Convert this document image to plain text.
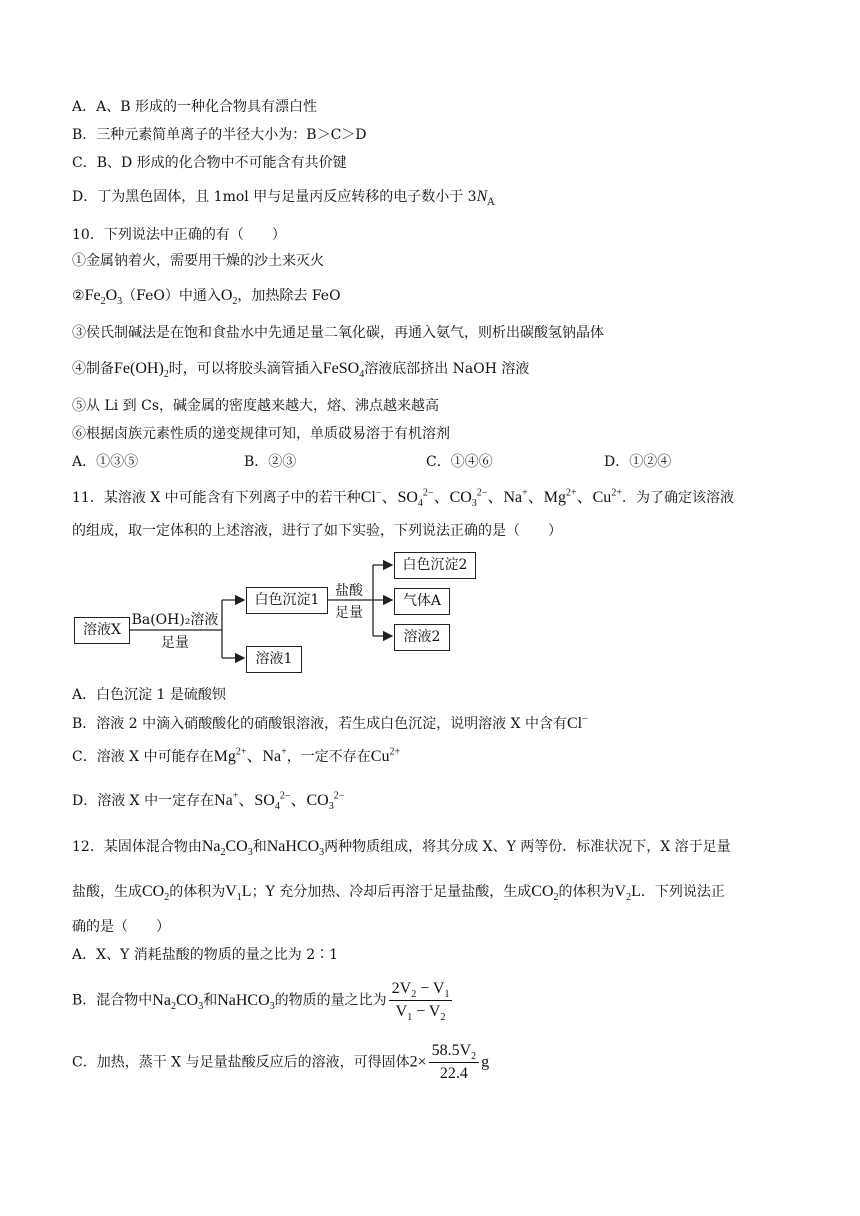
A．A、B 形成的一种化合物具有漂白性
B．三种元素简单离子的半径大小为：B＞C＞D
C．B、D 形成的化合物中不可能含有共价键
D．丁为黑色固体，且 1mol 甲与足量丙反应转移的电子数小于 $3N_A$
10．下列说法中正确的有（　　）
①金属钠着火，需要用干燥的沙土来灭火
$②Fe_2O_3(FeO)$中通入$O_2$，加热除去 FeO
③侯氏制碱法是在饱和食盐水中先通足量二氧化碳，再通入氨气，则析出碳酸氢钠晶体
④制备$Fe(OH)_2$时，可以将胶头滴管插入FeSO$_4$溶液底部挤出 NaOH 溶液
⑤从 Li 到 Cs，碱金属的密度越来越大，熔、沸点越来越高
⑥根据卤族元素性质的递变规律可知，单质砹易溶于有机溶剂
A．①③⑤	B．②③	C．①④⑥	D．①②④
11．某溶液 X 中可能含有下列离子中的若干种Cl−、$SO_4^{2-}$、$CO_3^{2-}$、Na+、$Mg^{2+}$、$Cu^{2+}$．为了确定该溶液
的组成，取一定体积的上述溶液，进行了如下实验，下列说法正确的是（　　）
溶液X
Ba(OH)₂溶液
足量
白色沉淀1
溶液1
盐酸
足量
白色沉淀2
气体A
溶液2
A．白色沉淀 1 是硫酸钡
B．溶液 2 中滴入硝酸酸化的硝酸银溶液，若生成白色沉淀，说明溶液 X 中含有Cl−
C．溶液 X 中可能存在$Mg^{2+}$、Na+，一定不存在$Cu^{2+}$
D．溶液 X 中一定存在Na+、$SO_4^{2-}$、$CO_3^{2-}$
12．某固体混合物由$Na_2CO_3$和NaHCO$_3$两种物质组成，将其分成 X、Y 两等份．标准状况下，X 溶于足量
盐酸，生成$CO_2$的体积为$V_1L$；Y 充分加热、冷却后再溶于足量盐酸，生成$CO_2$的体积为$V_2L$．下列说法正
确的是（　　）
A．X、Y 消耗盐酸的物质的量之比为 2∶1
B．混合物中$Na_2CO_3$和NaHCO$_3$的物质的量之比为 $\frac{2V_2 - V_1}{V_1 - V_2}$
C．加热，蒸干 X 与足量盐酸反应后的溶液，可得固体$2\times \frac{58.5V_2}{22.4}$ g
